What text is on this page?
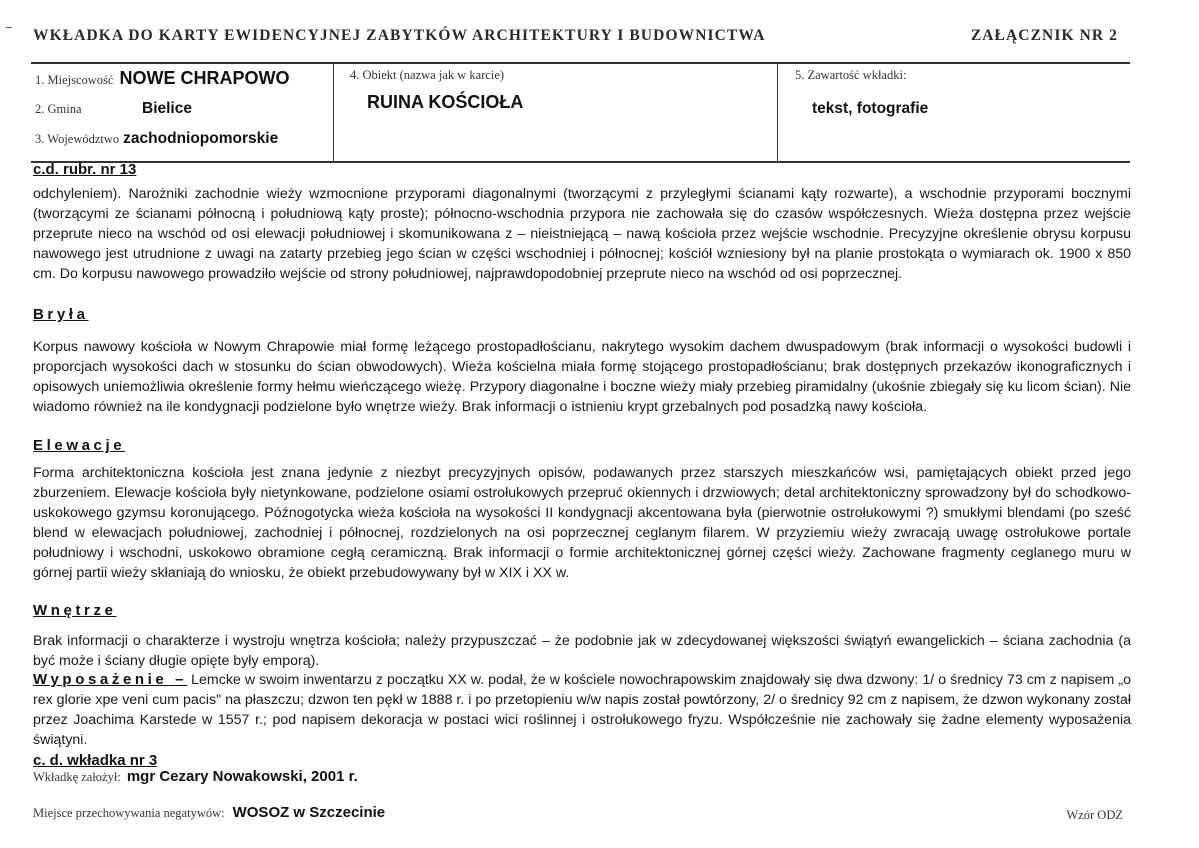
WKŁADKA DO KARTY EWIDENCYJNEJ ZABYTKÓW ARCHITEKTURY I BUDOWNICTWA	ZAŁĄCZNIK NR 2
1. Miejscowość NOWE CHRAPOWO
2. Gmina	Bielice
3. Województwo zachodniopomorskie
4. Obiekt (nazwa jak w karcie)
RUINA KOŚCIOŁA
5. Zawartość wkładki:
tekst, fotografie
c.d. rubr. nr 13
odchyleniem). Narożniki zachodnie wieży wzmocnione przyporami diagonalnymi (tworzącymi z przyległymi ścianami kąty rozwarte), a wschodnie przyporami bocznymi (tworzącymi ze ścianami północną i południową kąty proste); północno-wschodnia przypora nie zachowała się do czasów współczesnych. Wieża dostępna przez wejście przeprute nieco na wschód od osi elewacji południowej i skomunikowana z – nieistniejącą – nawą kościoła przez wejście wschodnie. Precyzyjne określenie obrysu korpusu nawowego jest utrudnione z uwagi na zatarty przebieg jego ścian w części wschodniej i północnej; kościół wzniesiony był na planie prostokąta o wymiarach ok. 1900 x 850 cm. Do korpusu nawowego prowadziło wejście od strony południowej, najprawdopodobniej przeprute nieco na wschód od osi poprzecznej.
Bryła
Korpus nawowy kościoła w Nowym Chrapowie miał formę leżącego prostopadłościanu, nakrytego wysokim dachem dwuspadowym (brak informacji o wysokości budowli i proporcjach wysokości dach w stosunku do ścian obwodowych). Wieża kościelna miała formę stojącego prostopadłościanu; brak dostępnych przekazów ikonograficznych i opisowych uniemożliwia określenie formy hełmu wieńczącego wieżę. Przypory diagonalne i boczne wieży miały przebieg piramidalny (ukośnie zbiegały się ku licom ścian). Nie wiadomo również na ile kondygnacji podzielone było wnętrze wieży. Brak informacji o istnieniu krypt grzebalnych pod posadzką nawy kościoła.
Elewacje
Forma architektoniczna kościoła jest znana jedynie z niezbyt precyzyjnych opisów, podawanych przez starszych mieszkańców wsi, pamiętających obiekt przed jego zburzeniem. Elewacje kościoła były nietynkowane, podzielone osiami ostrołukowych przepruć okiennych i drzwiowych; detal architektoniczny sprowadzony był do schodkowo-uskokowego gzymsu koronującego. Późnogotycka wieża kościoła na wysokości II kondygnacji akcentowana była (pierwotnie ostrołukowymi ?) smukłymi blendami (po sześć blend w elewacjach południowej, zachodniej i północnej, rozdzielonych na osi poprzecznej ceglanym filarem. W przyziemiu wieży zwracają uwagę ostrołukowe portale południowy i wschodni, uskokowo obramione cegłą ceramiczną. Brak informacji o formie architektonicznej górnej części wieży. Zachowane fragmenty ceglanego muru w górnej partii wieży skłaniają do wniosku, że obiekt przebudowywany był w XIX i XX w.
Wnętrze
Brak informacji o charakterze i wystroju wnętrza kościoła; należy przypuszczać – że podobnie jak w zdecydowanej większości świątyń ewangelickich – ściana zachodnia (a być może i ściany długie opięte były emporą).
Wyposażenie – Lemcke w swoim inwentarzu z początku XX w. podał, że w kościele nowochrapowskim znajdowały się dwa dzwony: 1/ o średnicy 73 cm z napisem „o rex glorie xpe veni cum pacis" na płaszczu; dzwon ten pękł w 1888 r. i po przetopieniu w/w napis został powtórzony, 2/ o średnicy 92 cm z napisem, że dzwon wykonany został przez Joachima Karstede w 1557 r.; pod napisem dekoracja w postaci wici roślinnej i ostrołukowego fryzu. Współcześnie nie zachowały się żadne elementy wyposażenia świątyni.
c. d. wkładka nr 3
Wkładkę założył: mgr Cezary Nowakowski, 2001 r.
Miejsce przechowywania negatywów: WOSOZ w Szczecinie	Wzór ODZ
